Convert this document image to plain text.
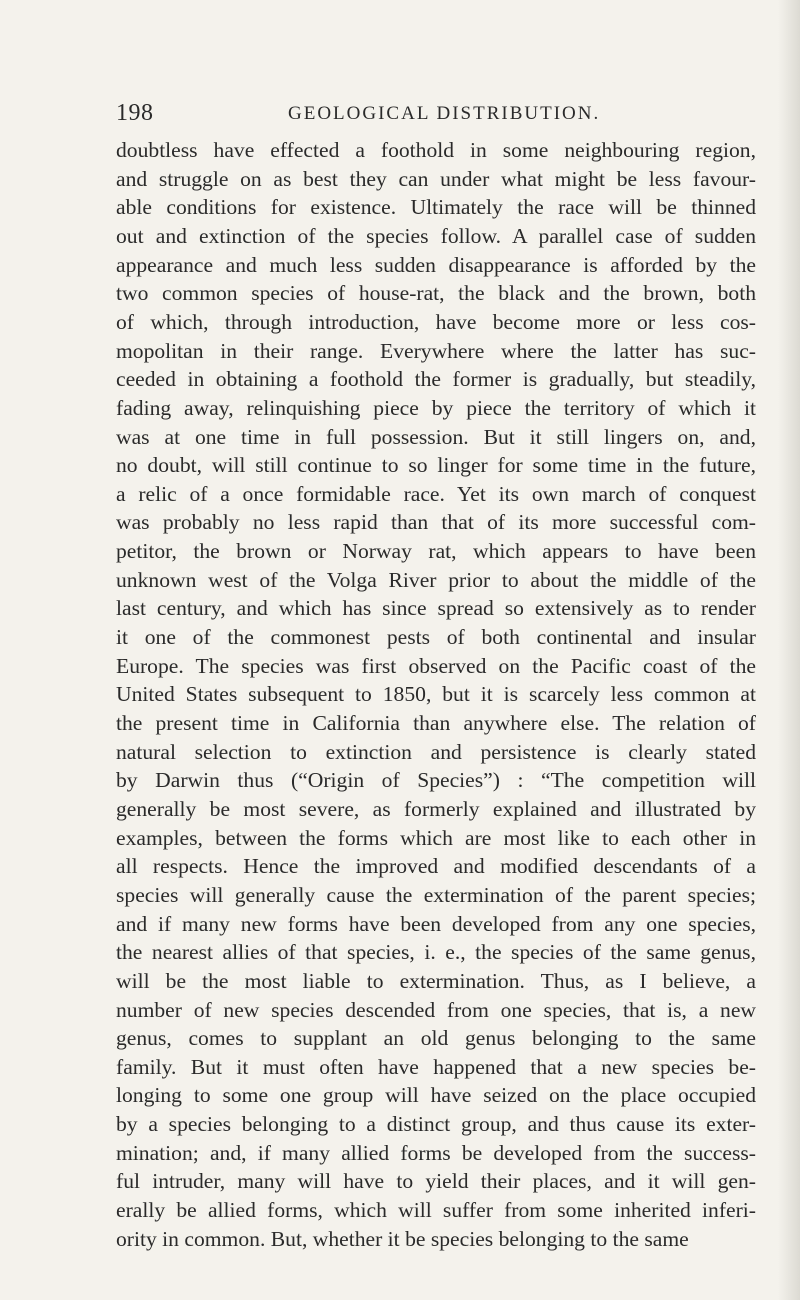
198	GEOLOGICAL DISTRIBUTION.
doubtless have effected a foothold in some neighbouring region,
and struggle on as best they can under what might be less favour-
able conditions for existence. Ultimately the race will be thinned
out and extinction of the species follow. A parallel case of sudden
appearance and much less sudden disappearance is afforded by the
two common species of house-rat, the black and the brown, both
of which, through introduction, have become more or less cos-
mopolitan in their range. Everywhere where the latter has suc-
ceeded in obtaining a foothold the former is gradually, but steadily,
fading away, relinquishing piece by piece the territory of which it
was at one time in full possession. But it still lingers on, and,
no doubt, will still continue to so linger for some time in the future,
a relic of a once formidable race. Yet its own march of conquest
was probably no less rapid than that of its more successful com-
petitor, the brown or Norway rat, which appears to have been
unknown west of the Volga River prior to about the middle of the
last century, and which has since spread so extensively as to render
it one of the commonest pests of both continental and insular
Europe. The species was first observed on the Pacific coast of the
United States subsequent to 1850, but it is scarcely less common at
the present time in California than anywhere else. The relation of
natural selection to extinction and persistence is clearly stated
by Darwin thus (“Origin of Species”) : “The competition will
generally be most severe, as formerly explained and illustrated by
examples, between the forms which are most like to each other in
all respects. Hence the improved and modified descendants of a
species will generally cause the extermination of the parent species;
and if many new forms have been developed from any one species,
the nearest allies of that species, i. e., the species of the same genus,
will be the most liable to extermination. Thus, as I believe, a
number of new species descended from one species, that is, a new
genus, comes to supplant an old genus belonging to the same
family. But it must often have happened that a new species be-
longing to some one group will have seized on the place occupied
by a species belonging to a distinct group, and thus cause its exter-
mination; and, if many allied forms be developed from the success-
ful intruder, many will have to yield their places, and it will gen-
erally be allied forms, which will suffer from some inherited inferi-
ority in common. But, whether it be species belonging to the same
